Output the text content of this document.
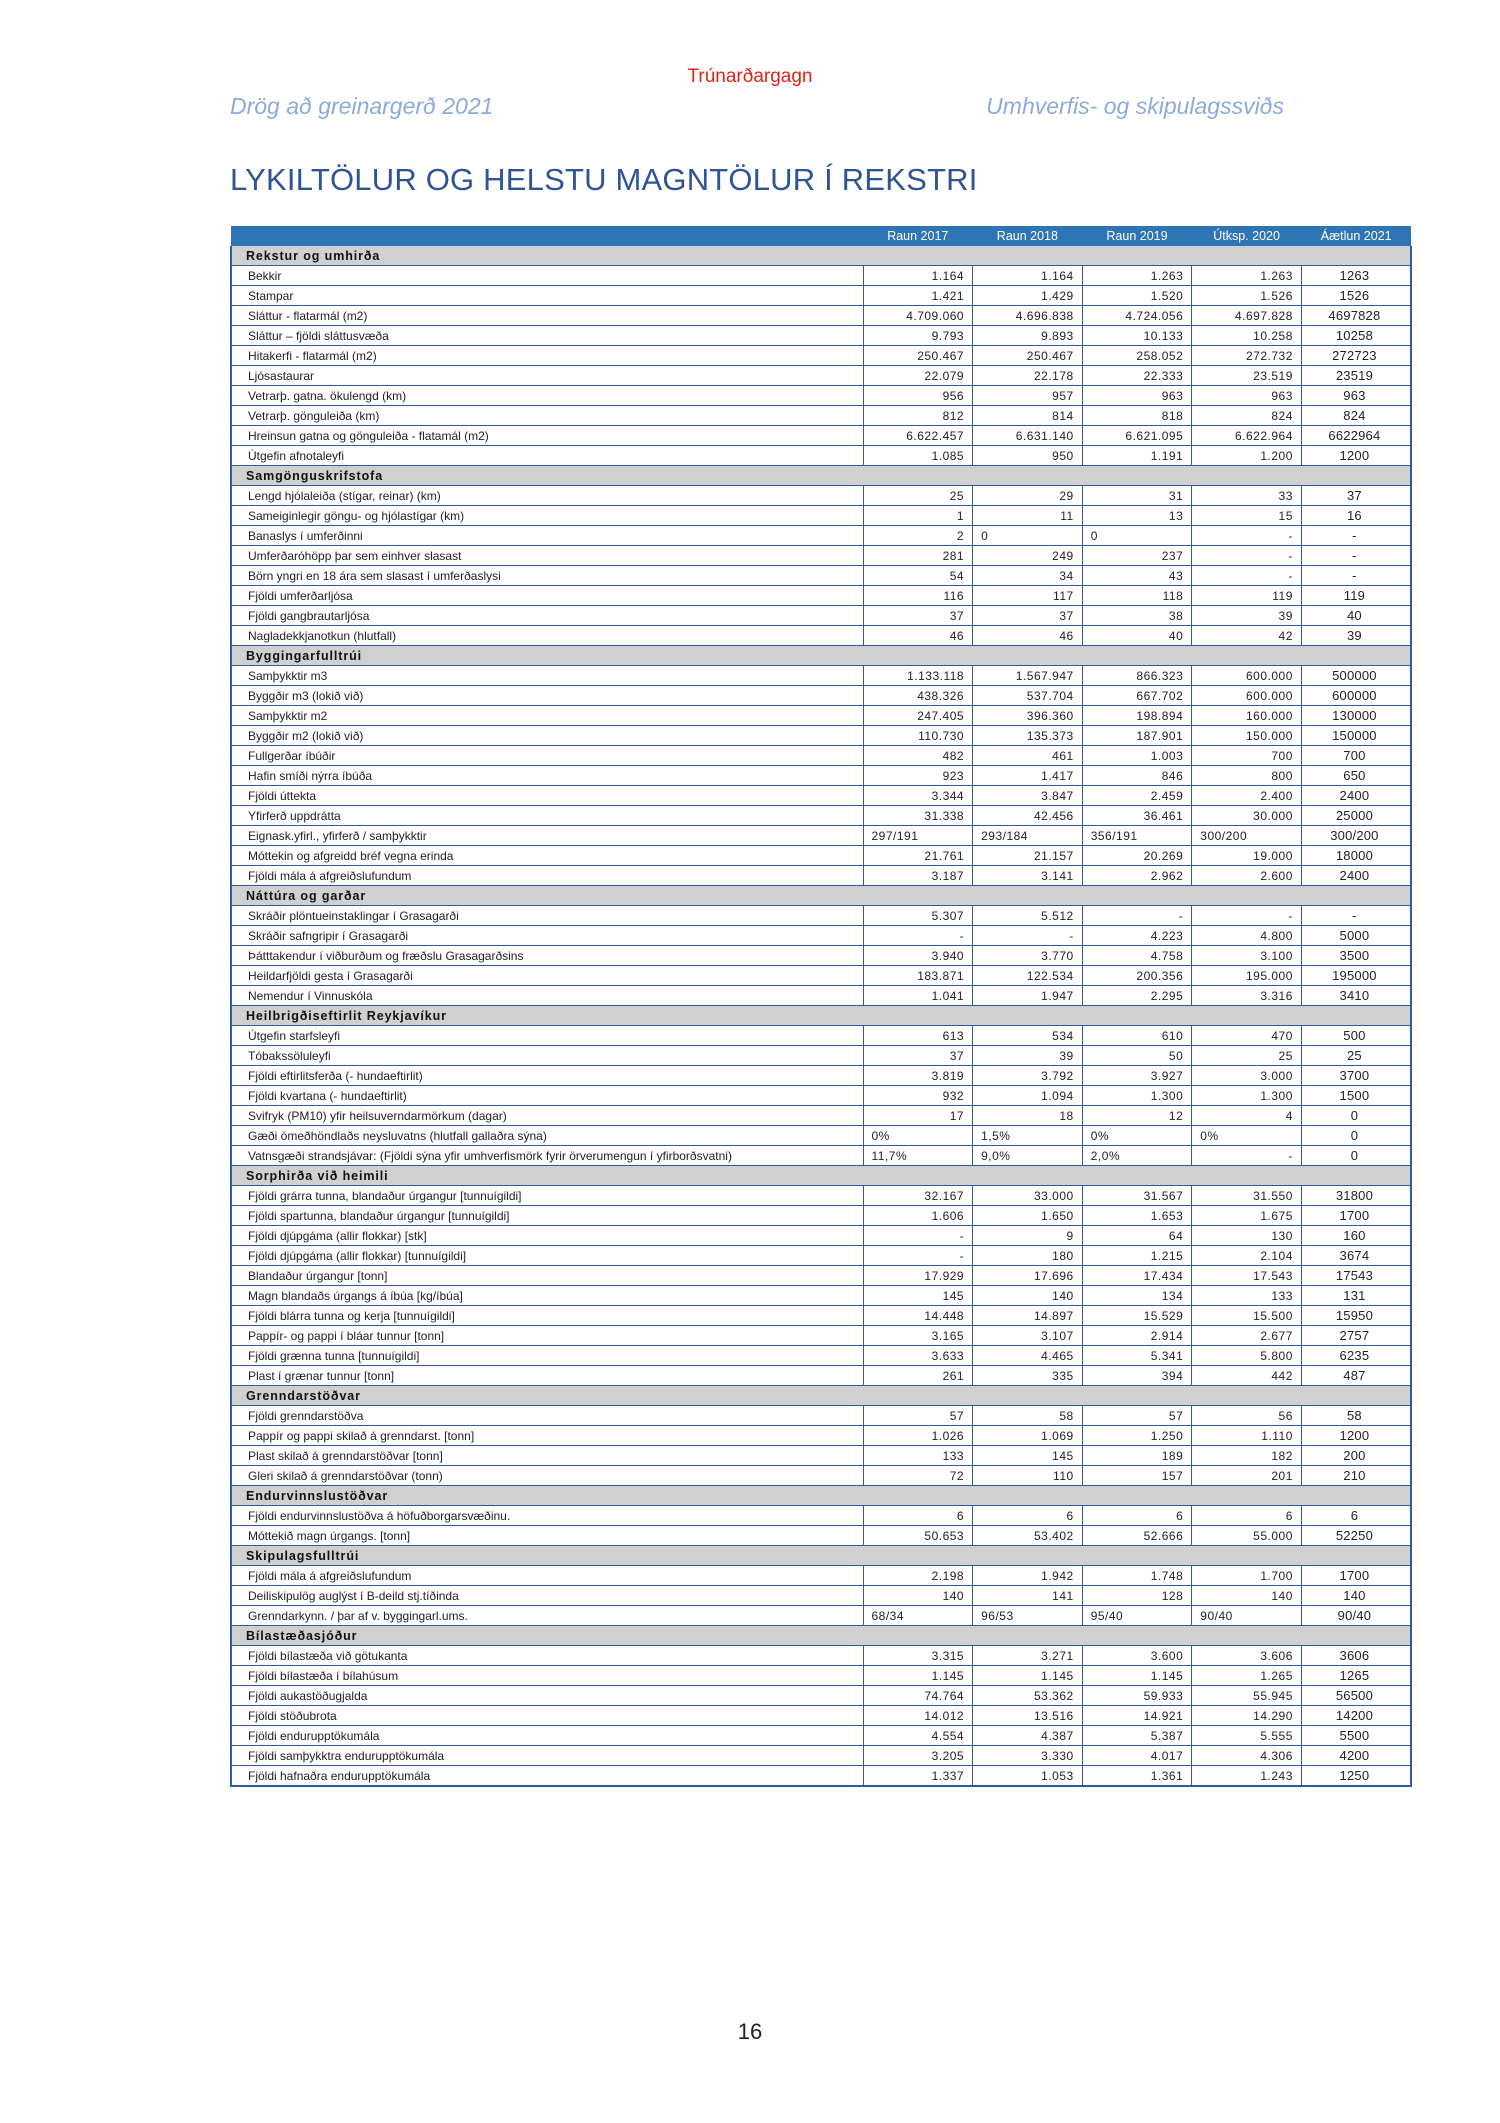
Trúnarðargagn
Drög að greinargerð 2021	Umhverfis- og skipulagssviðs
LYKILTÖLUR OG HELSTU MAGNTÖLUR Í REKSTRI
	Raun 2017	Raun 2018	Raun 2019	Útksp. 2020	Áætlun 2021
Rekstur og umhirða					
Bekkir	1.164	1.164	1.263	1.263	1263
Stampar	1.421	1.429	1.520	1.526	1526
Sláttur - flatarmál (m2)	4.709.060	4.696.838	4.724.056	4.697.828	4697828
Sláttur – fjöldi sláttusvæða	9.793	9.893	10.133	10.258	10258
Hitakerfi - flatarmál (m2)	250.467	250.467	258.052	272.732	272723
Ljósastaurar	22.079	22.178	22.333	23.519	23519
Vetrarþ. gatna. ökulengd (km)	956	957	963	963	963
Vetrarþ. gönguleiða (km)	812	814	818	824	824
Hreinsun gatna og gönguleiða - flatamál (m2)	6.622.457	6.631.140	6.621.095	6.622.964	6622964
Útgefin afnotaleyfi	1.085	950	1.191	1.200	1200
Samgönguskrifstofa					
Lengd hjólaleiða (stígar, reinar) (km)	25	29	31	33	37
Sameiginlegir göngu- og hjólastígar (km)	1	11	13	15	16
Banaslys í umferðinni	2	0	0	-	-
Umferðaróhöpp þar sem einhver slasast	281	249	237	-	-
Börn yngri en 18 ára sem slasast í umferðaslysi	54	34	43	-	-
Fjöldi umferðarljósa	116	117	118	119	119
Fjöldi gangbrautarljósa	37	37	38	39	40
Nagladekkjanotkun (hlutfall)	46	46	40	42	39
Byggingarfulltrúi					
Samþykktir m3	1.133.118	1.567.947	866.323	600.000	500000
Byggðir m3 (lokið við)	438.326	537.704	667.702	600.000	600000
Samþykktir m2	247.405	396.360	198.894	160.000	130000
Byggðir m2 (lokið við)	110.730	135.373	187.901	150.000	150000
Fullgerðar íbúðir	482	461	1.003	700	700
Hafin smíði nýrra íbúða	923	1.417	846	800	650
Fjöldi úttekta	3.344	3.847	2.459	2.400	2400
Yfirferð uppdrátta	31.338	42.456	36.461	30.000	25000
Eignask.yfirl., yfirferð / samþykktir	297/191	293/184	356/191	300/200	300/200
Móttekin og afgreidd bréf vegna erinda	21.761	21.157	20.269	19.000	18000
Fjöldi mála á afgreiðslufundum	3.187	3.141	2.962	2.600	2400
Náttúra og garðar					
Skráðir plöntueinstaklingar í Grasagarði	5.307	5.512	-	-	-
Skráðir safngripir í Grasagarði	-	-	4.223	4.800	5000
Þátttakendur í viðburðum og fræðslu Grasagarðsins	3.940	3.770	4.758	3.100	3500
Heildarfjöldi gesta í Grasagarði	183.871	122.534	200.356	195.000	195000
Nemendur í Vinnuskóla	1.041	1.947	2.295	3.316	3410
Heilbrigðiseftirlit Reykjavíkur					
Útgefin starfsleyfi	613	534	610	470	500
Tóbakssöluleyfi	37	39	50	25	25
Fjöldi eftirlitsferða (- hundaeftirlit)	3.819	3.792	3.927	3.000	3700
Fjöldi kvartana (- hundaeftirlit)	932	1.094	1.300	1.300	1500
Svifryk (PM10) yfir heilsuverndarmörkum (dagar)	17	18	12	4	0
Gæði ómeðhöndlaðs neysluvatns (hlutfall gallaðra sýna)	0%	1,5%	0%	0%	0
Vatnsgæði strandsjávar: (Fjöldi sýna yfir umhverfismörk fyrir örverumengun í yfirborðsvatni)	11,7%	9,0%	2,0%	-	0
Sorphirða við heimili					
Fjöldi grárra tunna, blandaður úrgangur [tunnuígildi]	32.167	33.000	31.567	31.550	31800
Fjöldi spartunna, blandaður úrgangur [tunnuígildi]	1.606	1.650	1.653	1.675	1700
Fjöldi djúpgáma (allir flokkar) [stk]	-	9	64	130	160
Fjöldi djúpgáma (allir flokkar) [tunnuígildi]	-	180	1.215	2.104	3674
Blandaður úrgangur [tonn]	17.929	17.696	17.434	17.543	17543
Magn blandaðs úrgangs á íbúa [kg/íbúa]	145	140	134	133	131
Fjöldi blárra tunna og kerja [tunnuígildi]	14.448	14.897	15.529	15.500	15950
Pappír- og pappi í bláar tunnur [tonn]	3.165	3.107	2.914	2.677	2757
Fjöldi grænna tunna [tunnuígildi]	3.633	4.465	5.341	5.800	6235
Plast í grænar tunnur [tonn]	261	335	394	442	487
Grenndarstöðvar					
Fjöldi grenndarstöðva	57	58	57	56	58
Pappír og pappi skilað á grenndarst. [tonn]	1.026	1.069	1.250	1.110	1200
Plast skilað á grenndarstöðvar [tonn]	133	145	189	182	200
Gleri skilað á grenndarstöðvar (tonn)	72	110	157	201	210
Endurvinnslustöðvar					
Fjöldi endurvinnslustöðva á höfuðborgarsvæðinu.	6	6	6	6	6
Móttekið magn úrgangs. [tonn]	50.653	53.402	52.666	55.000	52250
Skipulagsfulltrúi					
Fjöldi mála á afgreiðslufundum	2.198	1.942	1.748	1.700	1700
Deiliskipulög auglýst í B-deild stj.tíðinda	140	141	128	140	140
Grenndarkynn. / þar af v. byggingarl.ums.	68/34	96/53	95/40	90/40	90/40
Bílastæðasjóður					
Fjöldi bílastæða við götukanta	3.315	3.271	3.600	3.606	3606
Fjöldi bílastæða í bílahúsum	1.145	1.145	1.145	1.265	1265
Fjöldi aukastöðugjalda	74.764	53.362	59.933	55.945	56500
Fjöldi stöðubrota	14.012	13.516	14.921	14.290	14200
Fjöldi endurupptökumála	4.554	4.387	5.387	5.555	5500
Fjöldi samþykktra endurupptökumála	3.205	3.330	4.017	4.306	4200
Fjöldi hafnaðra endurupptökumála	1.337	1.053	1.361	1.243	1250
16
